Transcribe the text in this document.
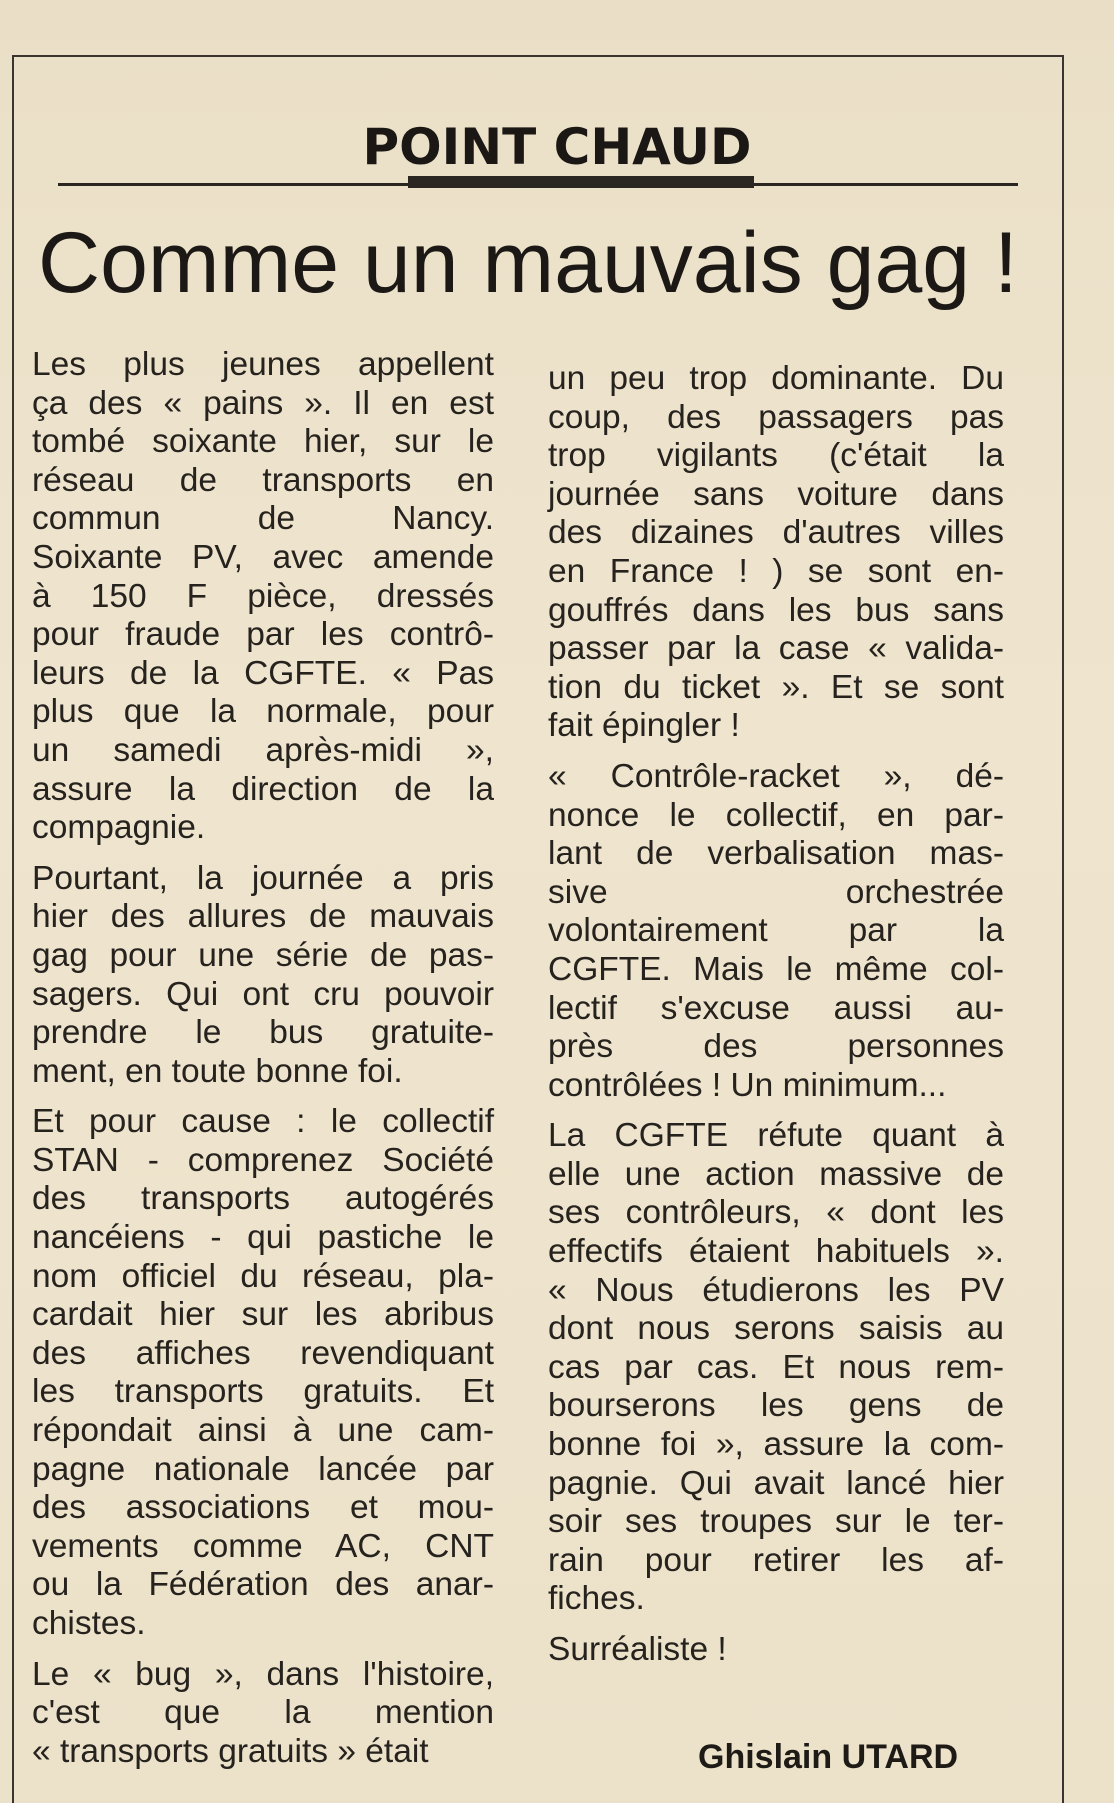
POINT CHAUD
Comme un mauvais gag !

Les plus jeunes appellent
ça des « pains ». Il en est
tombé soixante hier, sur le
réseau de transports en
commun de Nancy.
Soixante PV, avec amende
à 150 F pièce, dressés
pour fraude par les contrô-
leurs de la CGFTE. « Pas
plus que la normale, pour
un samedi après-midi »,
assure la direction de la
compagnie.

Pourtant, la journée a pris
hier des allures de mauvais
gag pour une série de pas-
sagers. Qui ont cru pouvoir
prendre le bus gratuite-
ment, en toute bonne foi.

Et pour cause : le collectif
STAN - comprenez Société
des transports autogérés
nancéiens - qui pastiche le
nom officiel du réseau, pla-
cardait hier sur les abribus
des affiches revendiquant
les transports gratuits. Et
répondait ainsi à une cam-
pagne nationale lancée par
des associations et mou-
vements comme AC, CNT
ou la Fédération des anar-
chistes.

Le « bug », dans l'histoire,
c'est que la mention
« transports gratuits » était

un peu trop dominante. Du
coup, des passagers pas
trop vigilants (c'était la
journée sans voiture dans
des dizaines d'autres villes
en France ! ) se sont en-
gouffrés dans les bus sans
passer par la case « valida-
tion du ticket ». Et se sont
fait épingler !

« Contrôle-racket », dé-
nonce le collectif, en par-
lant de verbalisation mas-
sive orchestrée
volontairement par la
CGFTE. Mais le même col-
lectif s'excuse aussi au-
près des personnes
contrôlées ! Un minimum...

La CGFTE réfute quant à
elle une action massive de
ses contrôleurs, « dont les
effectifs étaient habituels ».
« Nous étudierons les PV
dont nous serons saisis au
cas par cas. Et nous rem-
bourserons les gens de
bonne foi », assure la com-
pagnie. Qui avait lancé hier
soir ses troupes sur le ter-
rain pour retirer les af-
fiches.

Surréaliste !

Ghislain UTARD
